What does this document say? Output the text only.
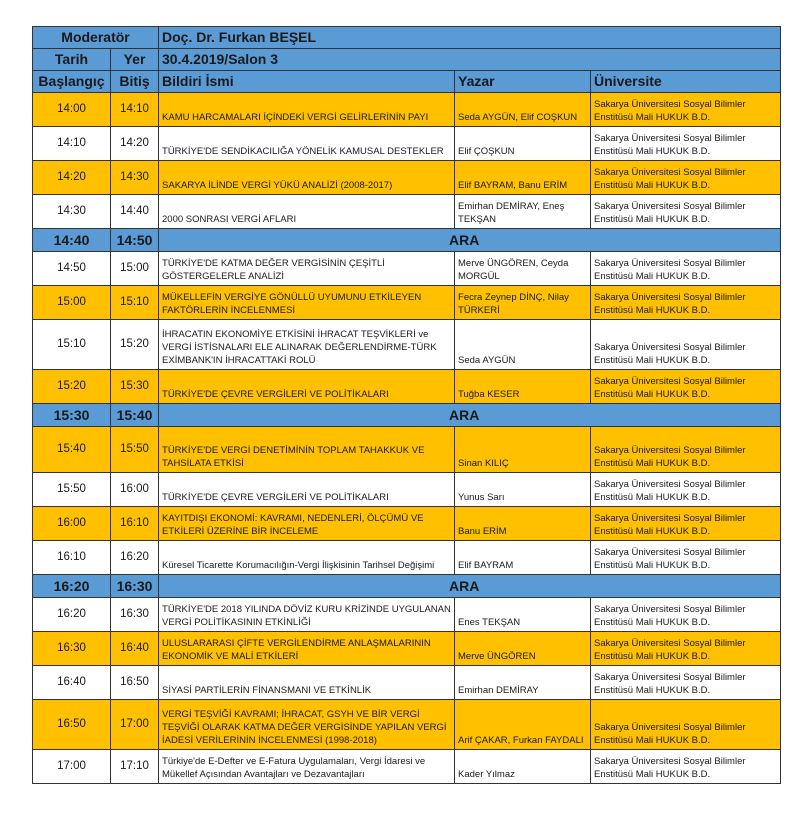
Moderatör		Doç. Dr. Furkan BEŞEL		
Tarih	Yer	30.4.2019/Salon 3		
Başlangıç	Bitiş	Bildiri İsmi	Yazar	Üniversite
14:00	14:10	KAMU HARCAMALARI İÇİNDEKİ VERGİ GELİRLERİNİN PAYI	Seda AYGÜN, Elif COŞKUN	Sakarya Üniversitesi Sosyal Bilimler Enstitüsü Mali HUKUK B.D.
14:10	14:20	TÜRKİYE'DE SENDİKACILIĞA YÖNELİK KAMUSAL DESTEKLER	Elif ÇOŞKUN	Sakarya Üniversitesi Sosyal Bilimler Enstitüsü Mali HUKUK B.D.
14:20	14:30	SAKARYA İLİNDE VERGİ YÜKÜ ANALİZİ (2008-2017)	Elif BAYRAM, Banu ERİM	Sakarya Üniversitesi Sosyal Bilimler Enstitüsü Mali HUKUK B.D.
14:30	14:40	2000 SONRASI VERGİ AFLARI	Emirhan DEMİRAY, Eneş TEKŞAN	Sakarya Üniversitesi Sosyal Bilimler Enstitüsü Mali HUKUK B.D.
14:40	14:50	ARA		
14:50	15:00	TÜRKİYE'DE KATMA DEĞER VERGİSİNİN ÇEŞİTLİ GÖSTERGELERLE ANALİZİ	Merve ÜNGÖREN, Ceyda MORGÜL	Sakarya Üniversitesi Sosyal Bilimler Enstitüsü Mali HUKUK B.D.
15:00	15:10	MÜKELLEFİN VERGİYE GÖNÜLLÜ UYUMUNU ETKİLEYEN FAKTÖRLERİN İNCELENMESİ	Fecra Zeynep DİNÇ, Nilay TÜRKERİ	Sakarya Üniversitesi Sosyal Bilimler Enstitüsü Mali HUKUK B.D.
15:10	15:20	İHRACATIN EKONOMİYE ETKİSİNİ İHRACAT TEŞVİKLERİ ve VERGİ İSTİSNALARI ELE ALINARAK DEĞERLENDİRME-TÜRK EXİMBANK'IN İHRACATTAKİ ROLÜ	Seda AYGÜN	Sakarya Üniversitesi Sosyal Bilimler Enstitüsü Mali HUKUK B.D.
15:20	15:30	TÜRKİYE'DE ÇEVRE VERGİLERİ VE POLİTİKALARI	Tuğba KESER	Sakarya Üniversitesi Sosyal Bilimler Enstitüsü Mali HUKUK B.D.
15:30	15:40	ARA		
15:40	15:50	TÜRKİYE'DE VERGİ DENETİMİNİN TOPLAM TAHAKKUK VE TAHSİLATA ETKİSİ	Sinan KILIÇ	Sakarya Üniversitesi Sosyal Bilimler Enstitüsü Mali HUKUK B.D.
15:50	16:00	TÜRKİYE'DE ÇEVRE VERGİLERİ VE POLİTİKALARI	Yunus Sarı	Sakarya Üniversitesi Sosyal Bilimler Enstitüsü Mali HUKUK B.D.
16:00	16:10	KAYITDIŞI EKONOMİ: KAVRAMI, NEDENLERİ, ÖLÇÜMÜ VE ETKİLERİ ÜZERİNE BİR İNCELEME	Banu ERİM	Sakarya Üniversitesi Sosyal Bilimler Enstitüsü Mali HUKUK B.D.
16:10	16:20	Küresel Ticarette Korumacılığın-Vergi İlişkisinin Tarihsel Değişimi	Elif BAYRAM	Sakarya Üniversitesi Sosyal Bilimler Enstitüsü Mali HUKUK B.D.
16:20	16:30	ARA		
16:20	16:30	TÜRKİYE'DE 2018 YILINDA DÖVİZ KURU KRİZİNDE UYGULANAN VERGİ POLİTİKASININ ETKİNLİĞİ	Enes TEKŞAN	Sakarya Üniversitesi Sosyal Bilimler Enstitüsü Mali HUKUK B.D.
16:30	16:40	ULUSLARARASI ÇİFTE VERGİLENDİRME ANLAŞMALARININ EKONOMİK VE MALİ ETKİLERİ	Merve ÜNGÖREN	Sakarya Üniversitesi Sosyal Bilimler Enstitüsü Mali HUKUK B.D.
16:40	16:50	SİYASİ PARTİLERİN FİNANSMANI VE ETKİNLİK	Emirhan DEMİRAY	Sakarya Üniversitesi Sosyal Bilimler Enstitüsü Mali HUKUK B.D.
16:50	17:00	VERGİ TEŞVİĞİ KAVRAMI; İHRACAT, GSYH VE BİR VERGİ TEŞVİĞİ OLARAK KATMA DEĞER VERGİSİNDE YAPILAN VERGİ İADESİ VERİLERİNİN İNCELENMESİ (1998-2018)	Arif ÇAKAR, Furkan FAYDALI	Sakarya Üniversitesi Sosyal Bilimler Enstitüsü Mali HUKUK B.D.
17:00	17:10	Türkiye'de E-Defter ve E-Fatura Uygulamaları, Vergi İdaresi ve Mükellef Açısından Avantajları ve Dezavantajları	Kader Yılmaz	Sakarya Üniversitesi Sosyal Bilimler Enstitüsü Mali HUKUK B.D.
